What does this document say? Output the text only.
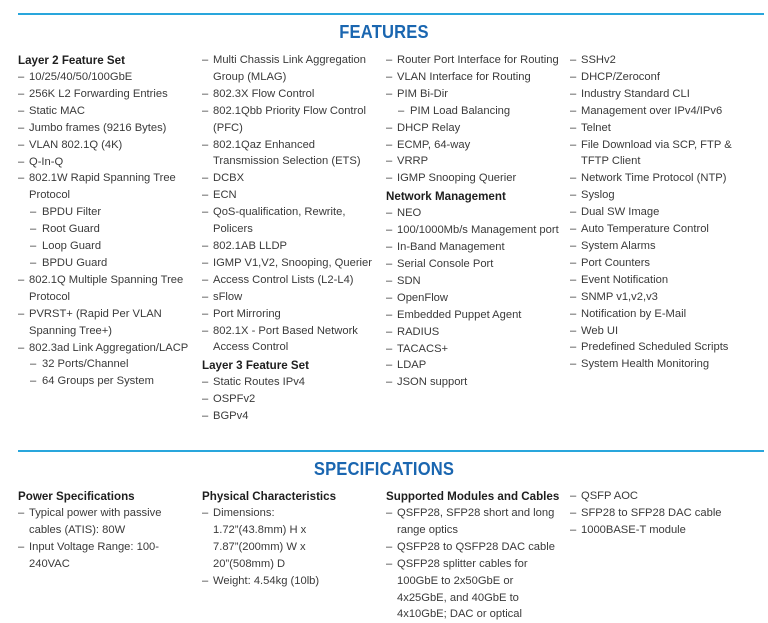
FEATURES
Layer 2 Feature Set
– 10/25/40/50/100GbE
– 256K L2 Forwarding Entries
– Static MAC
– Jumbo frames (9216 Bytes)
– VLAN 802.1Q (4K)
– Q-In-Q
– 802.1W Rapid Spanning Tree Protocol
– BPDU Filter
– Root Guard
– Loop Guard
– BPDU Guard
– 802.1Q Multiple Spanning Tree Protocol
– PVRST+ (Rapid Per VLAN Spanning Tree+)
– 802.3ad Link Aggregation/LACP
– 32 Ports/Channel
– 64 Groups per System
– Multi Chassis Link Aggregation Group (MLAG)
– 802.3X Flow Control
– 802.1Qbb Priority Flow Control (PFC)
– 802.1Qaz Enhanced Transmission Selection (ETS)
– DCBX
– ECN
– QoS-qualification, Rewrite, Policers
– 802.1AB LLDP
– IGMP V1,V2, Snooping, Querier
– Access Control Lists (L2-L4)
– sFlow
– Port Mirroring
– 802.1X - Port Based Network Access Control
Layer 3 Feature Set
– Static Routes IPv4
– OSPFv2
– BGPv4
– Router Port Interface for Routing
– VLAN Interface for Routing
– PIM Bi-Dir
– PIM Load Balancing
– DHCP Relay
– ECMP, 64-way
– VRRP
– IGMP Snooping Querier
Network Management
– NEO
– 100/1000Mb/s Management port
– In-Band Management
– Serial Console Port
– SDN
– OpenFlow
– Embedded Puppet Agent
– RADIUS
– TACACS+
– LDAP
– JSON support
– SSHv2
– DHCP/Zeroconf
– Industry Standard CLI
– Management over IPv4/IPv6
– Telnet
– File Download via SCP, FTP & TFTP Client
– Network Time Protocol (NTP)
– Syslog
– Dual SW Image
– Auto Temperature Control
– System Alarms
– Port Counters
– Event Notification
– SNMP v1,v2,v3
– Notification by E-Mail
– Web UI
– Predefined Scheduled Scripts
– System Health Monitoring
SPECIFICATIONS
Power Specifications
– Typical power with passive cables (ATIS): 80W
– Input Voltage Range: 100-240VAC
Physical Characteristics
– Dimensions:
1.72”(43.8mm) H x
7.87”(200mm) W x
20”(508mm) D
– Weight: 4.54kg (10lb)
Supported Modules and Cables
– QSFP28, SFP28 short and long range optics
– QSFP28 to QSFP28 DAC cable
– QSFP28 splitter cables for 100GbE to 2x50GbE or 4x25GbE, and 40GbE to 4x10GbE; DAC or optical
– QSFP AOC
– SFP28 to SFP28 DAC cable
– 1000BASE-T module
